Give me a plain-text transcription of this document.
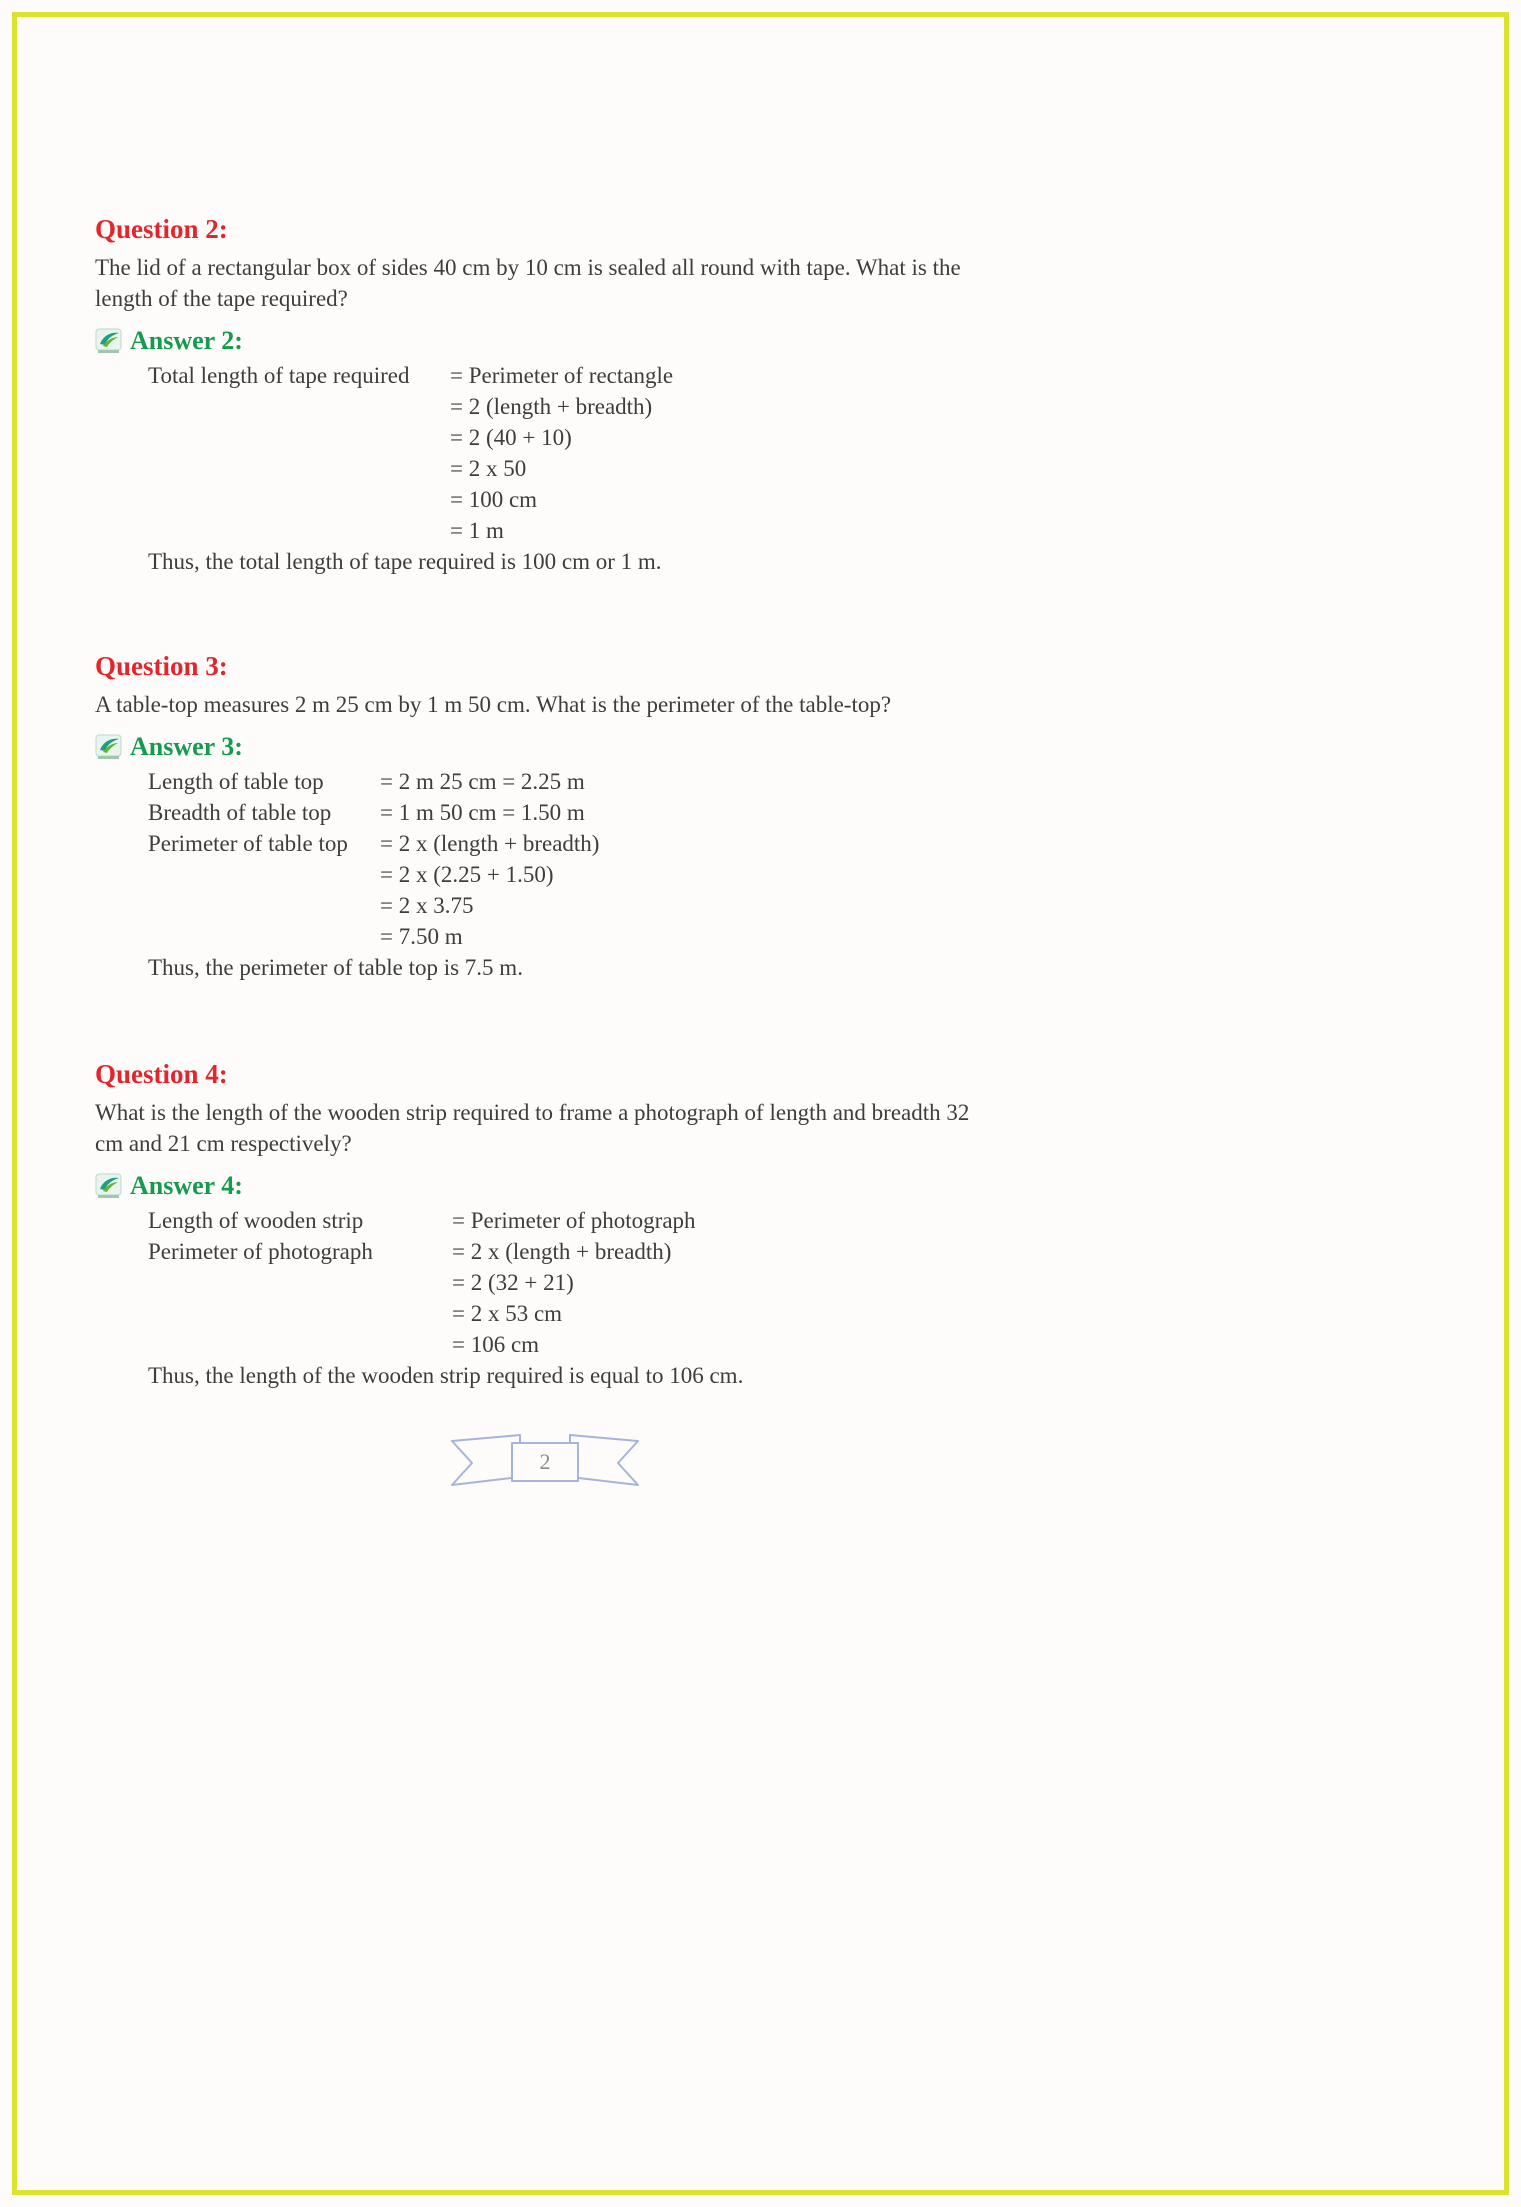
Question 2:

The lid of a rectangular box of sides 40 cm by 10 cm is sealed all round with tape. What is the length of the tape required?

Answer 2:
Total length of tape required	= Perimeter of rectangle
= 2 (length + breadth)
= 2 (40 + 10)
= 2 x 50
= 100 cm
= 1 m

Thus, the total length of tape required is 100 cm or 1 m.

Question 3:

A table-top measures 2 m 25 cm by 1 m 50 cm. What is the perimeter of the table-top?

Answer 3:
Length of table top	= 2 m 25 cm = 2.25 m
Breadth of table top	= 1 m 50 cm = 1.50 m
Perimeter of table top	= 2 x (length + breadth)
= 2 x (2.25 + 1.50)
= 2 x 3.75
= 7.50 m

Thus, the perimeter of table top is 7.5 m.

Question 4:

What is the length of the wooden strip required to frame a photograph of length and breadth 32 cm and 21 cm respectively?

Answer 4:
Length of wooden strip	= Perimeter of photograph
Perimeter of photograph	= 2 x (length + breadth)
= 2 (32 + 21)
= 2 x 53 cm
= 106 cm

Thus, the length of the wooden strip required is equal to 106 cm.

2
